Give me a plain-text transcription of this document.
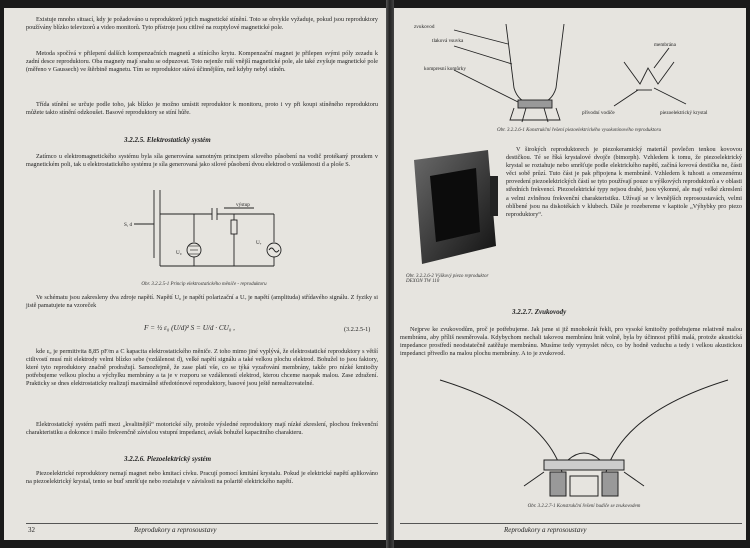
Existuje mnoho situací, kdy je požadováno u reproduktorů jejich magnetické stínění. Toto se obvykle vyžaduje, pokud jsou reproduktory používány blízko televizorů a video monitorů. Tyto přístroje jsou citlivé na rozptylové magnetické pole.

Metoda spočívá v přilepení dalších kompenzačních magnetů a stínícího krytu. Kompenzační magnet je přilepen svými póly zezadu k zadní desce reproduktoru. Oba magnety mají snahu se odpuzovat. Toto nejenže ruší vnější magnetické pole, ale také zvyšuje magnetické pole (měřeno v Gaussech) ve štěrbině magnetu. Tím se reproduktor stává účinnějším, než kdyby nebyl stíněn.

Třída stínění se určuje podle toho, jak blízko je možno umístit reproduktor k monitoru, proto i vy při koupi stíněného reproduktoru můžete takto stínění odzkoušet. Basové reproduktory se stíní hůře.

3.2.2.5. Elektrostatický systém

Zatímco u elektromagnetického systému byla síla generována samotným principem silového působení na vodič protékaný proudem v magnetickém poli, tak u elektrostatického systému je síla generovaná jako silové působení dvou elektrod o vzdálenosti d a ploše S.

S, d
výstup
U₀
Uᵥ

Obr. 3.2.2.5-1 Princip elektrostatického měniče - reproduktoru

Ve schématu jsou zakresleny dva zdroje napětí. Napětí U₀ je napětí polarizační a Uᵥ je napětí (amplituda) střídavého signálu. Z fyziky si jistě pamatujete na vzoreček

F = ½ ε₀ (U/d)² S = U/d · CU₀ ,	(3.2.2.5-1)

kde ε₀ je permitivita 8,85 pF/m a C kapacita elektrostatického měniče. Z toho mimo jiné vyplývá, že elektrostatické reproduktory s větší citlivostí musí mít elektrody velmi blízko sebe (vzdálenost d), velké napětí signálu a také velkou plochu elektrod. Bohužel to jsou faktory, které tyto reproduktory značně prodražují. Samozřejmě, že zase platí vše, co se týká vyzařování membrány, takže pro nízké kmitočty potřebujeme velkou plochu a výchylku membrány a ta je v rozporu se vzdáleností elektrod, kterou chceme naopak malou. Zase zdražení. Prakticky se dnes elektrostaticky realizují maximálně středotónové reproduktory, basové jsou ještě nerealizovatelné.

Elektrostatický systém patří mezi „kvalitnější“ motorické síly, protože výsledné reproduktory mají nízké zkreslení, plochou frekvenční charakteristiku a dokonce i málo frekvenčně závislou vstupní impedanci, avšak bohužel kapacitního charakteru.

3.2.2.6. Piezoelektrický systém

Piezoelektrické reproduktory nemají magnet nebo kmitací cívku. Pracují pomocí kmitání krystalu. Pokud je elektrické napětí aplikováno na piezoelektrický krystal, tento se buď smršťuje nebo roztahuje v závislosti na polaritě elektrického napětí.

32	Reprodukory a reprosoustavy
zvukovod
tlaková vsuvka
kompresní komůrky
membrána
přívodní vodiče	piezoelektrický krystal

Obr. 3.2.2.6-1 Konstrukční řešení piezoelektrického vysokotónového reproduktoru

Obr. 3.2.2.6-2 Výškový piezo reproduktor DEXON TW 110

V širokých reproduktorech je piezokeramický materiál povlečen tenkou kovovou destičkou. Té se říká krystalové dvojče (bimorph). Vzhledem k tomu, že piezoelektrický krystal se roztahuje nebo smršťuje podle elektrického napětí, začíná kovová destička ne, části věci sobě průzí. Tuto část je pak připojena k membráně. Vzhledem k tuhosti a omezenému provedení piezoelektrických částí se tyto používají pouze u výškových reproduktorů a v oblasti středních frekvencí. Piezoelektrické typy nejsou drahé, jsou výkonné, ale mají velké zkreslení a velmi zvlněnou frekvenční charakteristiku. Užívají se v levnějších reprosoustavách, velmi oblíbené jsou na diskotékách v klubech. Dále je rozebereme v kapitole „Výhybky pro piezo reproduktory“.

3.2.2.7. Zvukovody

Nejprve ke zvukovodům, proč je potřebujeme. Jak jsme si již mnohokrát řekli, pro vysoké kmitočty potřebujeme relativně malou membránu, aby příliš nesměrovala. Kdybychom nechali takovou membránu hrát volně, byla by účinnost příliš malá, protože akustická impedance prostředí neodstatečně zatěžuje membránu. Musíme tedy vymyslet něco, co by hodně vzduchu a tedy i velkou akustickou impedanci přivedlo na malou plochu membrány. A to je zvukovod.

Obr. 3.2.2.7-1 Konstrukční řešení budiče se zvukovodem

Reprodukory a reprosoustavy
